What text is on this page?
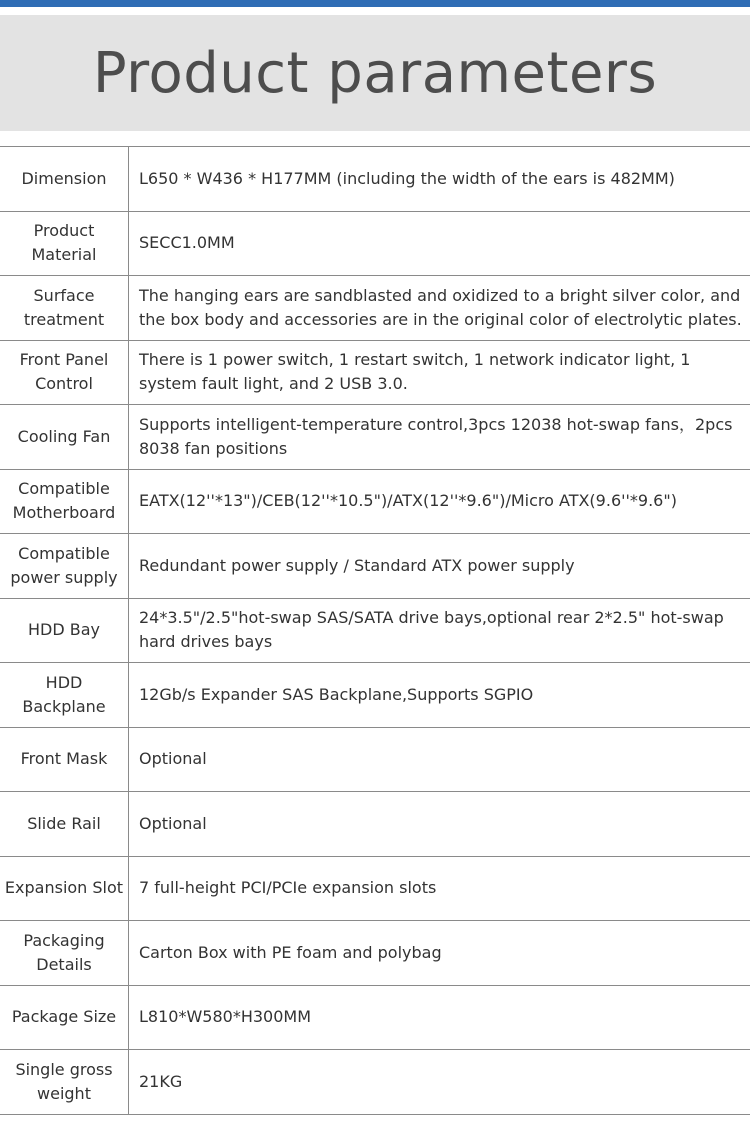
Product parameters
Dimension	L650 * W436 * H177MM (including the width of the ears is 482MM)
Product Material	SECC1.0MM
Surface treatment	The hanging ears are sandblasted and oxidized to a bright silver color, and the box body and accessories are in the original color of electrolytic plates.
Front Panel Control	There is 1 power switch, 1 restart switch, 1 network indicator light, 1 system fault light, and 2 USB 3.0.
Cooling Fan	Supports intelligent-temperature control,3pcs 12038 hot-swap fans，2pcs 8038 fan positions
Compatible Motherboard	EATX(12''*13")/CEB(12''*10.5")/ATX(12''*9.6")/Micro ATX(9.6''*9.6")
Compatible power supply	Redundant power supply / Standard ATX power supply
HDD Bay	24*3.5"/2.5"hot-swap SAS/SATA drive bays,optional rear 2*2.5" hot-swap hard drives bays
HDD Backplane	12Gb/s Expander SAS Backplane,Supports SGPIO
Front Mask	Optional
Slide Rail	Optional
Expansion Slot	7 full-height PCI/PCIe expansion slots
Packaging Details	Carton Box with PE foam and polybag
Package Size	L810*W580*H300MM
Single gross weight	21KG
